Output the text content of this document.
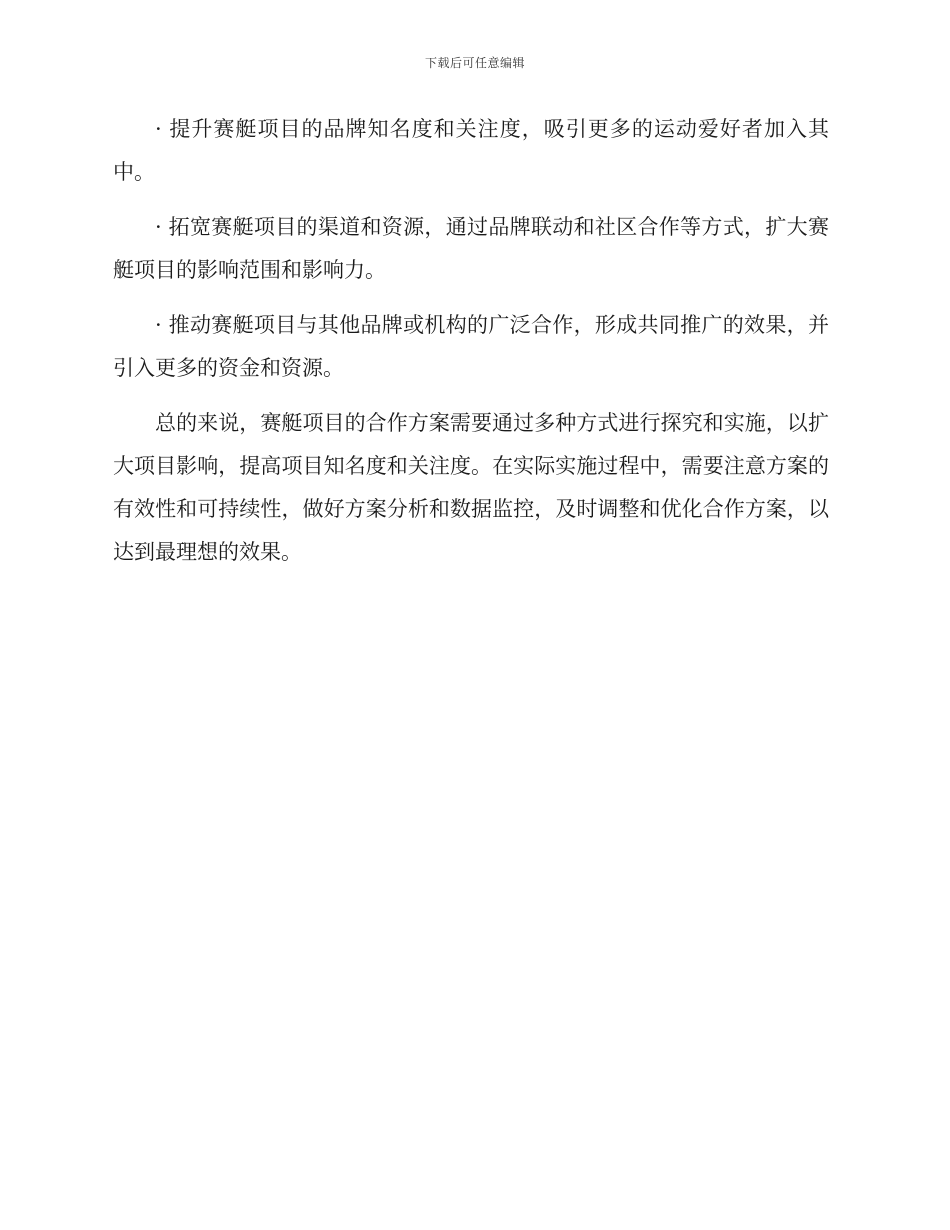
下载后可任意编辑

· 提升赛艇项目的品牌知名度和关注度，吸引更多的运动爱好者加入其中。

· 拓宽赛艇项目的渠道和资源，通过品牌联动和社区合作等方式，扩大赛艇项目的影响范围和影响力。

· 推动赛艇项目与其他品牌或机构的广泛合作，形成共同推广的效果，并引入更多的资金和资源。

总的来说，赛艇项目的合作方案需要通过多种方式进行探究和实施，以扩大项目影响，提高项目知名度和关注度。在实际实施过程中，需要注意方案的有效性和可持续性，做好方案分析和数据监控，及时调整和优化合作方案，以达到最理想的效果。
